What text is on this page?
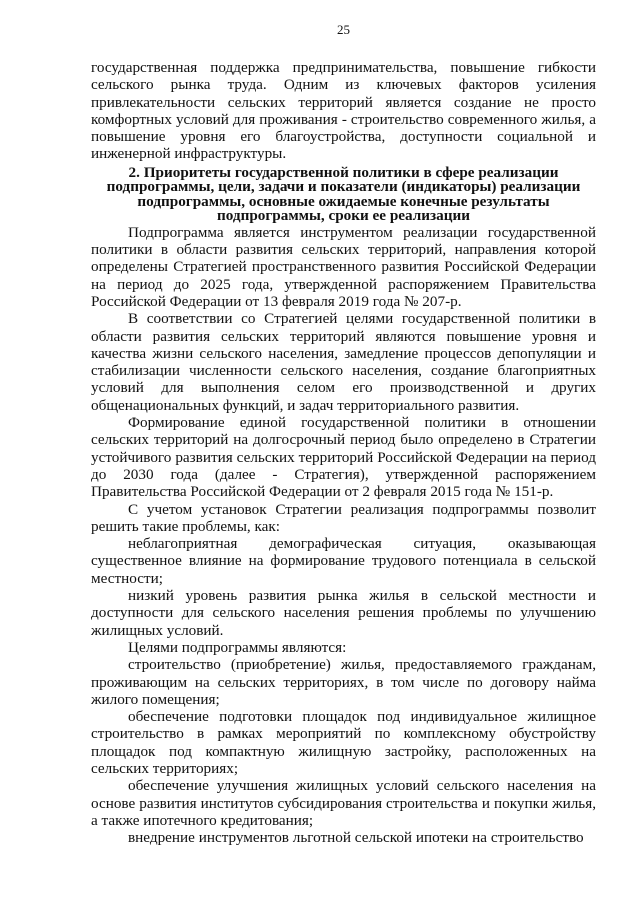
25

государственная поддержка предпринимательства, повышение гибкости сельского рынка труда. Одним из ключевых факторов усиления привлекательности сельских территорий является создание не просто комфортных условий для проживания - строительство современного жилья, а повышение уровня его благоустройства, доступности социальной и инженерной инфраструктуры.

2. Приоритеты государственной политики в сфере реализации
подпрограммы, цели, задачи и показатели (индикаторы) реализации
подпрограммы, основные ожидаемые конечные результаты
подпрограммы, сроки ее реализации

Подпрограмма является инструментом реализации государственной политики в области развития сельских территорий, направления которой определены Стратегией пространственного развития Российской Федерации на период до 2025 года, утвержденной распоряжением Правительства Российской Федерации от 13 февраля 2019 года № 207-р.

В соответствии со Стратегией целями государственной политики в области развития сельских территорий являются повышение уровня и качества жизни сельского населения, замедление процессов депопуляции и стабилизации численности сельского населения, создание благоприятных условий для выполнения селом его производственной и других общенациональных функций, и задач территориального развития.

Формирование единой государственной политики в отношении сельских территорий на долгосрочный период было определено в Стратегии устойчивого развития сельских территорий Российской Федерации на период до 2030 года (далее - Стратегия), утвержденной распоряжением Правительства Российской Федерации от 2 февраля 2015 года № 151-р.

С учетом установок Стратегии реализация подпрограммы позволит решить такие проблемы, как:

неблагоприятная демографическая ситуация, оказывающая существенное влияние на формирование трудового потенциала в сельской местности;

низкий уровень развития рынка жилья в сельской местности и доступности для сельского населения решения проблемы по улучшению жилищных условий.

Целями подпрограммы являются:

строительство (приобретение) жилья, предоставляемого гражданам, проживающим на сельских территориях, в том числе по договору найма жилого помещения;

обеспечение подготовки площадок под индивидуальное жилищное строительство в рамках мероприятий по комплексному обустройству площадок под компактную жилищную застройку, расположенных на сельских территориях;

обеспечение улучшения жилищных условий сельского населения на основе развития институтов субсидирования строительства и покупки жилья, а также ипотечного кредитования;

внедрение инструментов льготной сельской ипотеки на строительство
